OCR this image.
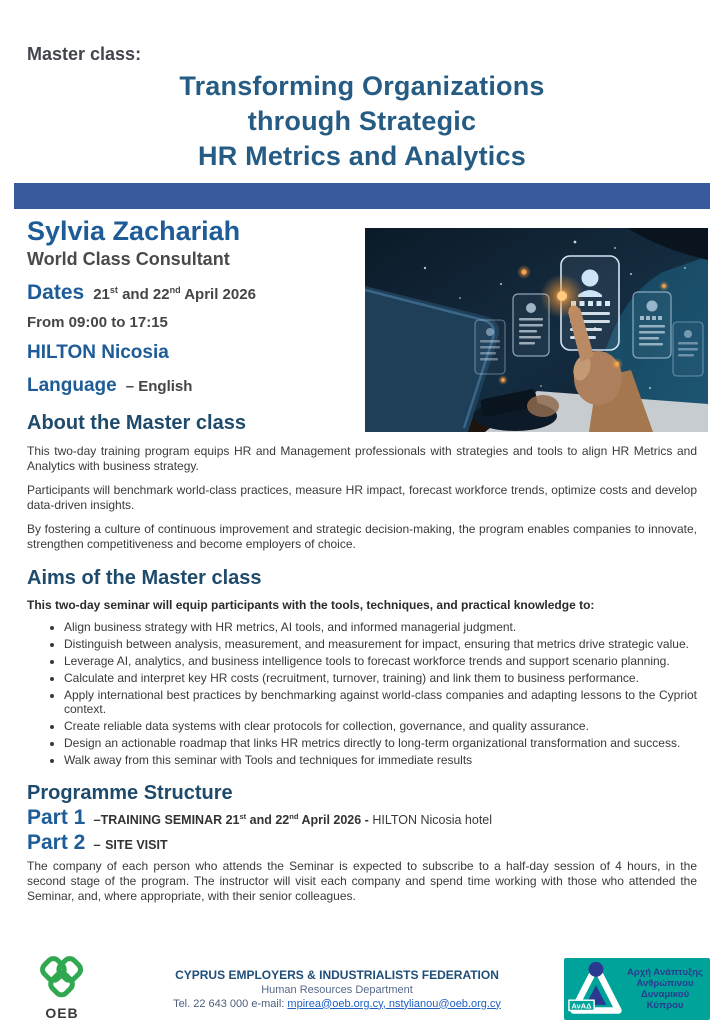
Master class:
Transforming Organizations
through Strategic
HR Metrics and Analytics
Sylvia Zachariah
World Class Consultant
Dates 21st and 22nd April 2026
From 09:00 to 17:15
HILTON Nicosia
Language – English
About the Master class

This two-day training program equips HR and Management professionals with strategies and tools to align HR Metrics and Analytics with business strategy.

Participants will benchmark world-class practices, measure HR impact, forecast workforce trends, optimize costs and develop data-driven insights.

By fostering a culture of continuous improvement and strategic decision-making, the program enables companies to innovate, strengthen competitiveness and become employers of choice.

Aims of the Master class

This two-day seminar will equip participants with the tools, techniques, and practical knowledge to:

• Align business strategy with HR metrics, AI tools, and informed managerial judgment.
• Distinguish between analysis, measurement, and measurement for impact, ensuring that metrics drive strategic value.
• Leverage AI, analytics, and business intelligence tools to forecast workforce trends and support scenario planning.
• Calculate and interpret key HR costs (recruitment, turnover, training) and link them to business performance.
• Apply international best practices by benchmarking against world-class companies and adapting lessons to the Cypriot context.
• Create reliable data systems with clear protocols for collection, governance, and quality assurance.
• Design an actionable roadmap that links HR metrics directly to long-term organizational transformation and success.
• Walk away from this seminar with Tools and techniques for immediate results
Programme Structure
Part 1 –TRAINING SEMINAR 21st and 22nd April 2026 - HILTON Nicosia hotel
Part 2 – SITE VISIT

The company of each person who attends the Seminar is expected to subscribe to a half-day session of 4 hours, in the second stage of the program. The instructor will visit each company and spend time working with those who attended the Seminar, and, where appropriate, with their senior colleagues.

OEB
CYPRUS EMPLOYERS & INDUSTRIALISTS FEDERATION
Human Resources Department
Tel. 22 643 000 e-mail: mpirea@oeb.org.cy, nstylianou@oeb.org.cy	ΑνΑΔ
Αρχή Ανάπτυξης
Ανθρώπινου
Δυναμικού
Κύπρου
